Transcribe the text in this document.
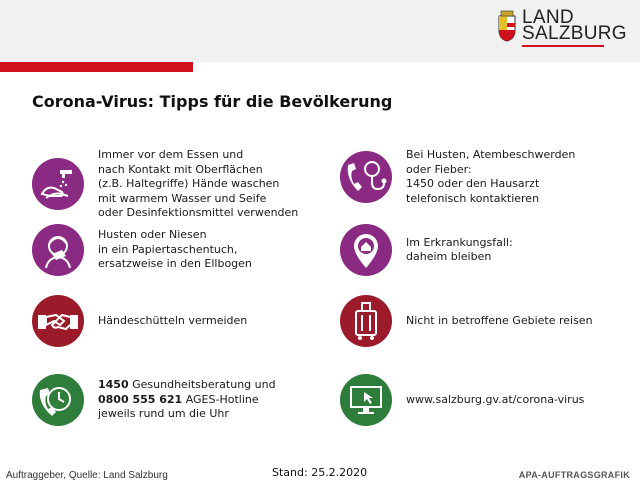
LAND
SALZBURG
Corona-Virus: Tipps für die Bevölkerung
Immer vor dem Essen und
nach Kontakt mit Oberflächen
(z.B. Haltegriffe) Hände waschen
mit warmem Wasser und Seife
oder Desinfektionsmittel verwenden
Husten oder Niesen
in ein Papiertaschentuch,
ersatzweise in den Ellbogen
Händeschütteln vermeiden
1450 Gesundheitsberatung und
0800 555 621 AGES-Hotline
jeweils rund um die Uhr
Bei Husten, Atembeschwerden
oder Fieber:
1450 oder den Hausarzt
telefonisch kontaktieren
Im Erkrankungsfall:
daheim bleiben
Nicht in betroffene Gebiete reisen
www.salzburg.gv.at/corona-virus
Auftraggeber, Quelle: Land Salzburg	Stand: 25.2.2020	APA-AUFTRAGSGRAFIK
